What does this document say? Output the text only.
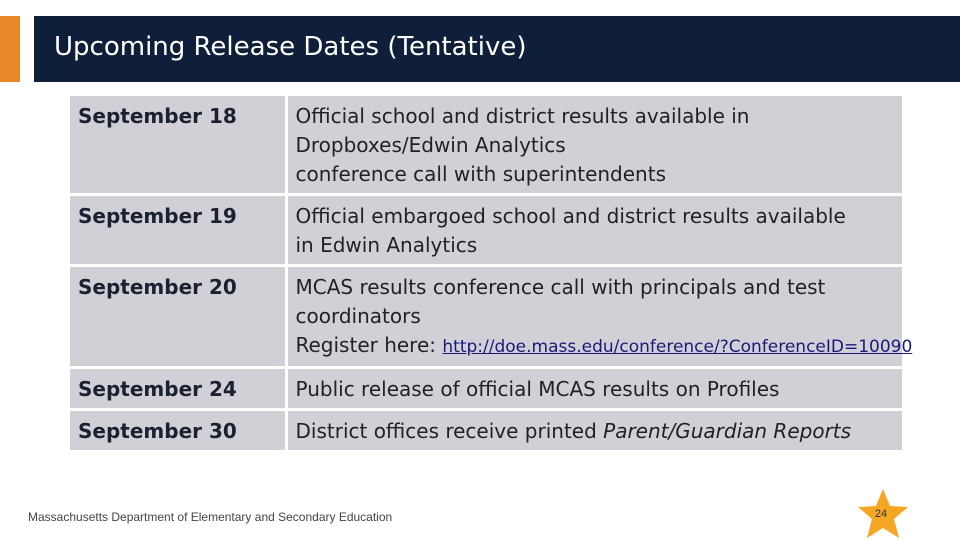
Upcoming Release Dates (Tentative)
September 18	Official school and district results available in
Dropboxes/Edwin Analytics
conference call with superintendents

September 19	Official embargoed school and district results available
in Edwin Analytics

September 20	MCAS results conference call with principals and test
coordinators
Register here: http://doe.mass.edu/conference/?ConferenceID=10090

September 24	Public release of official MCAS results on Profiles

September 30	District offices receive printed Parent/Guardian Reports
Massachusetts Department of Elementary and Secondary Education	24
